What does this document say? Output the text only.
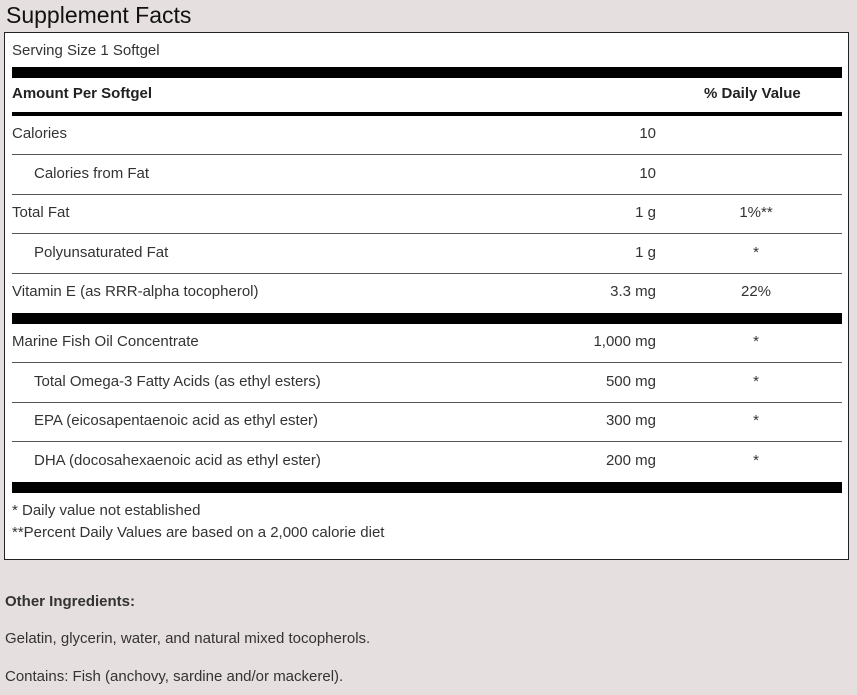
Supplement Facts
Serving Size 1 Softgel
Amount Per Softgel	% Daily Value
Calories	10
Calories from Fat	10
Total Fat	1 g	1%**
Polyunsaturated Fat	1 g	*
Vitamin E (as RRR-alpha tocopherol)	3.3 mg	22%
Marine Fish Oil Concentrate	1,000 mg	*
Total Omega-3 Fatty Acids (as ethyl esters)	500 mg	*
EPA (eicosapentaenoic acid as ethyl ester)	300 mg	*
DHA (docosahexaenoic acid as ethyl ester)	200 mg	*
* Daily value not established
**Percent Daily Values are based on a 2,000 calorie diet
Other Ingredients:
Gelatin, glycerin, water, and natural mixed tocopherols.
Contains: Fish (anchovy, sardine and/or mackerel).
